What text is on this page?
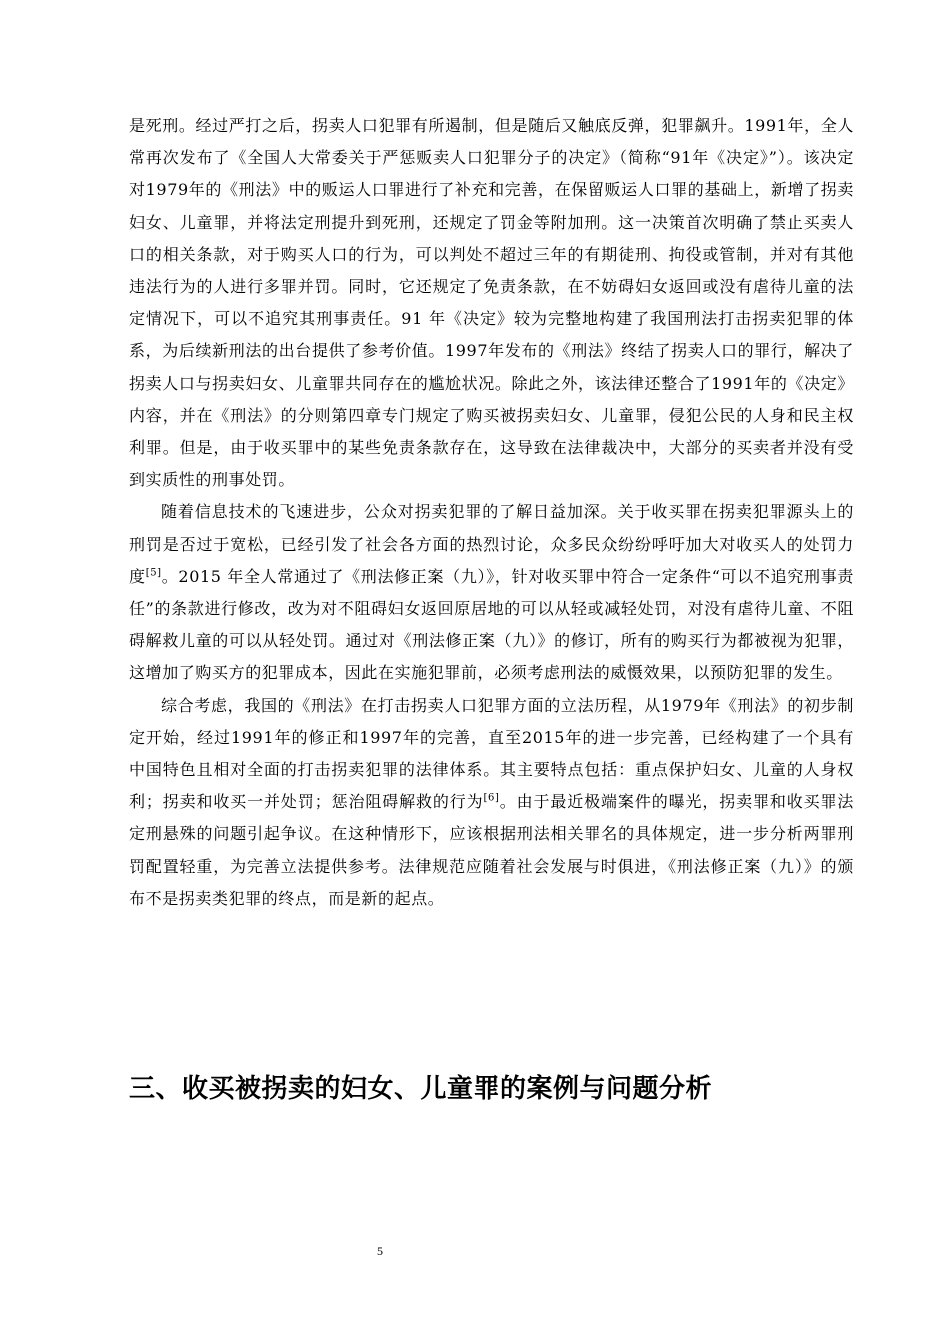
是死刑。经过严打之后，拐卖人口犯罪有所遏制，但是随后又触底反弹，犯罪飙升。1991年，全人常再次发布了《全国人大常委关于严惩贩卖人口犯罪分子的决定》（简称“91年《决定》”）。该决定对1979年的《刑法》中的贩运人口罪进行了补充和完善，在保留贩运人口罪的基础上，新增了拐卖妇女、儿童罪，并将法定刑提升到死刑，还规定了罚金等附加刑。这一决策首次明确了禁止买卖人口的相关条款，对于购买人口的行为，可以判处不超过三年的有期徒刑、拘役或管制，并对有其他违法行为的人进行多罪并罚。同时，它还规定了免责条款，在不妨碍妇女返回或没有虐待儿童的法定情况下，可以不追究其刑事责任。91 年《决定》较为完整地构建了我国刑法打击拐卖犯罪的体系，为后续新刑法的出台提供了参考价值。1997年发布的《刑法》终结了拐卖人口的罪行，解决了拐卖人口与拐卖妇女、儿童罪共同存在的尴尬状况。除此之外，该法律还整合了1991年的《决定》内容，并在《刑法》的分则第四章专门规定了购买被拐卖妇女、儿童罪，侵犯公民的人身和民主权利罪。但是，由于收买罪中的某些免责条款存在，这导致在法律裁决中，大部分的买卖者并没有受到实质性的刑事处罚。

随着信息技术的飞速进步，公众对拐卖犯罪的了解日益加深。关于收买罪在拐卖犯罪源头上的刑罚是否过于宽松，已经引发了社会各方面的热烈讨论，众多民众纷纷呼吁加大对收买人的处罚力度[5]。2015 年全人常通过了《刑法修正案（九）》，针对收买罪中符合一定条件“可以不追究刑事责任”的条款进行修改，改为对不阻碍妇女返回原居地的可以从轻或减轻处罚，对没有虐待儿童、不阻碍解救儿童的可以从轻处罚。通过对《刑法修正案（九）》的修订，所有的购买行为都被视为犯罪，这增加了购买方的犯罪成本，因此在实施犯罪前，必须考虑刑法的威慑效果，以预防犯罪的发生。

综合考虑，我国的《刑法》在打击拐卖人口犯罪方面的立法历程，从1979年《刑法》的初步制定开始，经过1991年的修正和1997年的完善，直至2015年的进一步完善，已经构建了一个具有中国特色且相对全面的打击拐卖犯罪的法律体系。其主要特点包括：重点保护妇女、儿童的人身权利；拐卖和收买一并处罚；惩治阻碍解救的行为[6]。由于最近极端案件的曝光，拐卖罪和收买罪法定刑悬殊的问题引起争议。在这种情形下，应该根据刑法相关罪名的具体规定，进一步分析两罪刑罚配置轻重，为完善立法提供参考。法律规范应随着社会发展与时俱进，《刑法修正案（九）》的颁布不是拐卖类犯罪的终点，而是新的起点。

三、收买被拐卖的妇女、儿童罪的案例与问题分析
5
